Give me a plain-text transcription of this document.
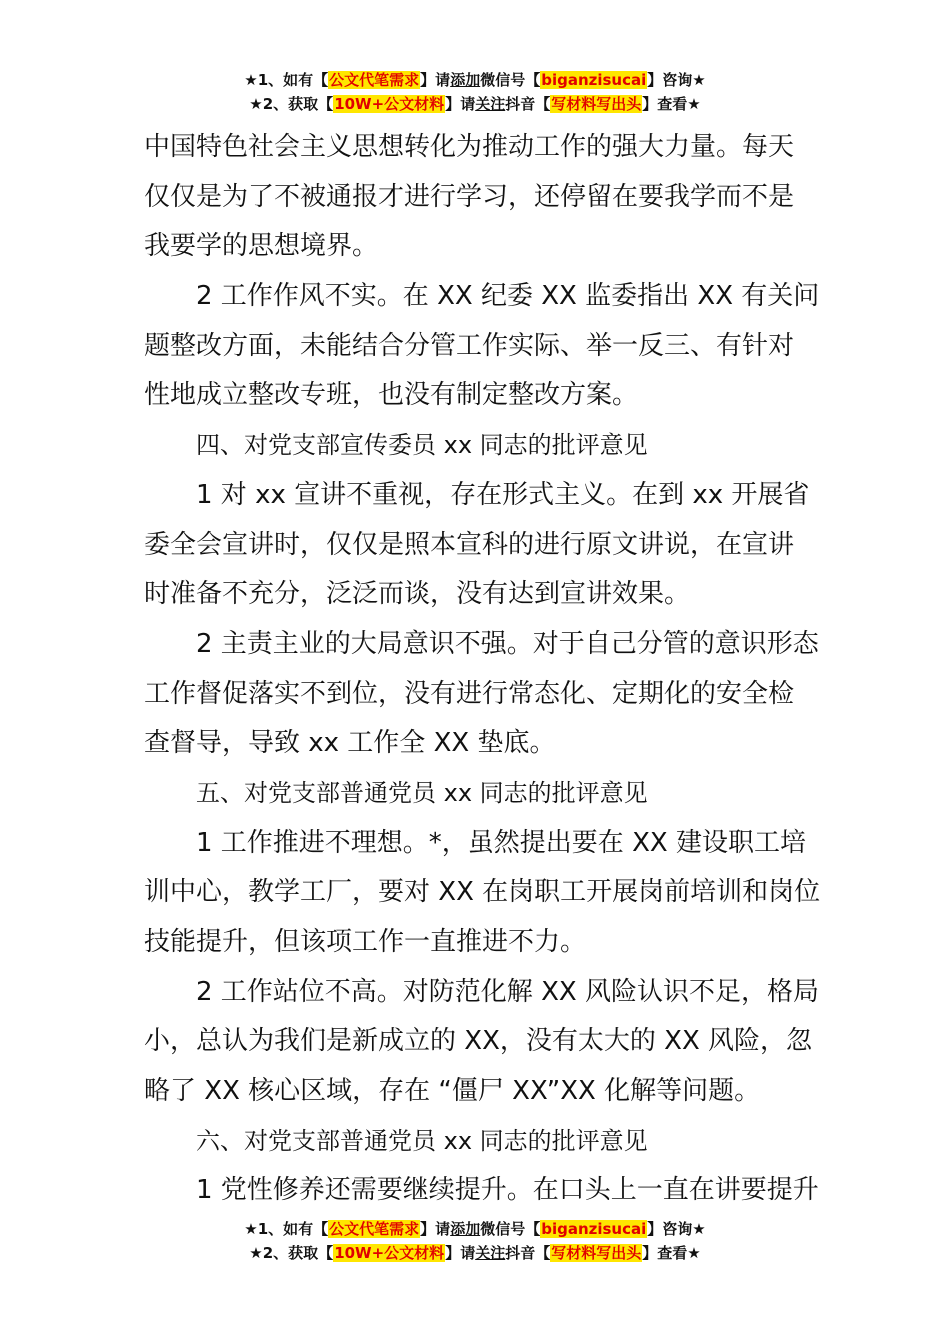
★1、如有【公文代笔需求】请添加微信号【biganzisucai】咨询★
★2、获取【10W+公文材料】请关注抖音【写材料写出头】查看★
中国特色社会主义思想转化为推动工作的强大力量。每天
仅仅是为了不被通报才进行学习，还停留在要我学而不是
我要学的思想境界。
2 工作作风不实。在 XX 纪委 XX 监委指出 XX 有关问
题整改方面，未能结合分管工作实际、举一反三、有针对
性地成立整改专班，也没有制定整改方案。
四、对党支部宣传委员 xx 同志的批评意见
1 对 xx 宣讲不重视，存在形式主义。在到 xx 开展省
委全会宣讲时，仅仅是照本宣科的进行原文讲说，在宣讲
时准备不充分，泛泛而谈，没有达到宣讲效果。
2 主责主业的大局意识不强。对于自己分管的意识形态
工作督促落实不到位，没有进行常态化、定期化的安全检
查督导，导致 xx 工作全 XX 垫底。
五、对党支部普通党员 xx 同志的批评意见
1 工作推进不理想。*，虽然提出要在 XX 建设职工培
训中心，教学工厂，要对 XX 在岗职工开展岗前培训和岗位
技能提升，但该项工作一直推进不力。
2 工作站位不高。对防范化解 XX 风险认识不足，格局
小，总认为我们是新成立的 XX，没有太大的 XX 风险，忽
略了 XX 核心区域，存在 “僵尸 XX”XX 化解等问题。
六、对党支部普通党员 xx 同志的批评意见
1 党性修养还需要继续提升。在口头上一直在讲要提升
★1、如有【公文代笔需求】请添加微信号【biganzisucai】咨询★
★2、获取【10W+公文材料】请关注抖音【写材料写出头】查看★
